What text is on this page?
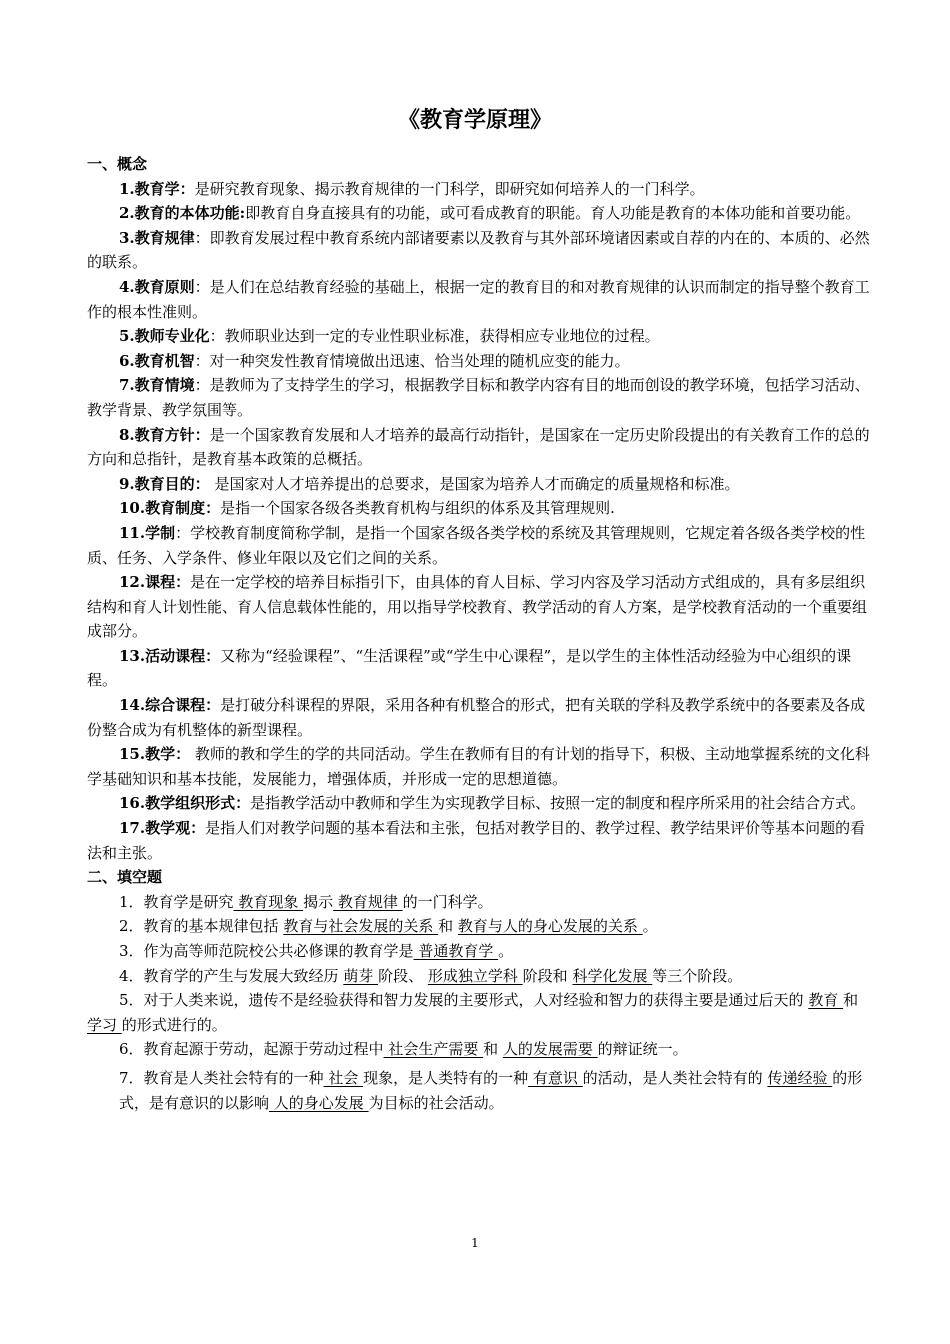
《教育学原理》
一、概念
1.教育学：是研究教育现象、揭示教育规律的一门科学，即研究如何培养人的一门科学。
2.教育的本体功能:即教育自身直接具有的功能，或可看成教育的职能。育人功能是教育的本体功能和首要功能。
3.教育规律：即教育发展过程中教育系统内部诸要素以及教育与其外部环境诸因素或自荐的内在的、本质的、必然的联系。
4.教育原则：是人们在总结教育经验的基础上，根据一定的教育目的和对教育规律的认识而制定的指导整个教育工作的根本性准则。
5.教师专业化：教师职业达到一定的专业性职业标准，获得相应专业地位的过程。
6.教育机智：对一种突发性教育情境做出迅速、恰当处理的随机应变的能力。
7.教育情境：是教师为了支持学生的学习，根据教学目标和教学内容有目的地而创设的教学环境，包括学习活动、教学背景、教学氛围等。
8.教育方针：是一个国家教育发展和人才培养的最高行动指针，是国家在一定历史阶段提出的有关教育工作的总的方向和总指针，是教育基本政策的总概括。
9.教育目的： 是国家对人才培养提出的总要求，是国家为培养人才而确定的质量规格和标准。
10.教育制度：是指一个国家各级各类教育机构与组织的体系及其管理规则.
11.学制：学校教育制度简称学制，是指一个国家各级各类学校的系统及其管理规则，它规定着各级各类学校的性质、任务、入学条件、修业年限以及它们之间的关系。
12.课程：是在一定学校的培养目标指引下，由具体的育人目标、学习内容及学习活动方式组成的，具有多层组织结构和育人计划性能、育人信息载体性能的，用以指导学校教育、教学活动的育人方案，是学校教育活动的一个重要组成部分。
13.活动课程：又称为“经验课程”、“生活课程”或“学生中心课程”，是以学生的主体性活动经验为中心组织的课程。
14.综合课程：是打破分科课程的界限，采用各种有机整合的形式，把有关联的学科及教学系统中的各要素及各成份整合成为有机整体的新型课程。
15.教学： 教师的教和学生的学的共同活动。学生在教师有目的有计划的指导下，积极、主动地掌握系统的文化科学基础知识和基本技能，发展能力，增强体质，并形成一定的思想道德。
16.教学组织形式：是指教学活动中教师和学生为实现教学目标、按照一定的制度和程序所采用的社会结合方式。
17.教学观：是指人们对教学问题的基本看法和主张，包括对教学目的、教学过程、教学结果评价等基本问题的看法和主张。
二、填空题
1．教育学是研究 教育现象 揭示 教育规律 的一门科学。
2．教育的基本规律包括 教育与社会发展的关系 和 教育与人的身心发展的关系 。
3．作为高等师范院校公共必修课的教育学是 普通教育学 。
4．教育学的产生与发展大致经历 萌芽 阶段、 形成独立学科 阶段和 科学化发展 等三个阶段。
5．对于人类来说，遗传不是经验获得和智力发展的主要形式，人对经验和智力的获得主要是通过后天的 教育 和 学习 的形式进行的。
6．教育起源于劳动，起源于劳动过程中 社会生产需要 和 人的发展需要 的辩证统一。
7．教育是人类社会特有的一种 社会 现象，是人类特有的一种 有意识 的活动，是人类社会特有的 传递经验 的形式，是有意识的以影响 人的身心发展 为目标的社会活动。
1
